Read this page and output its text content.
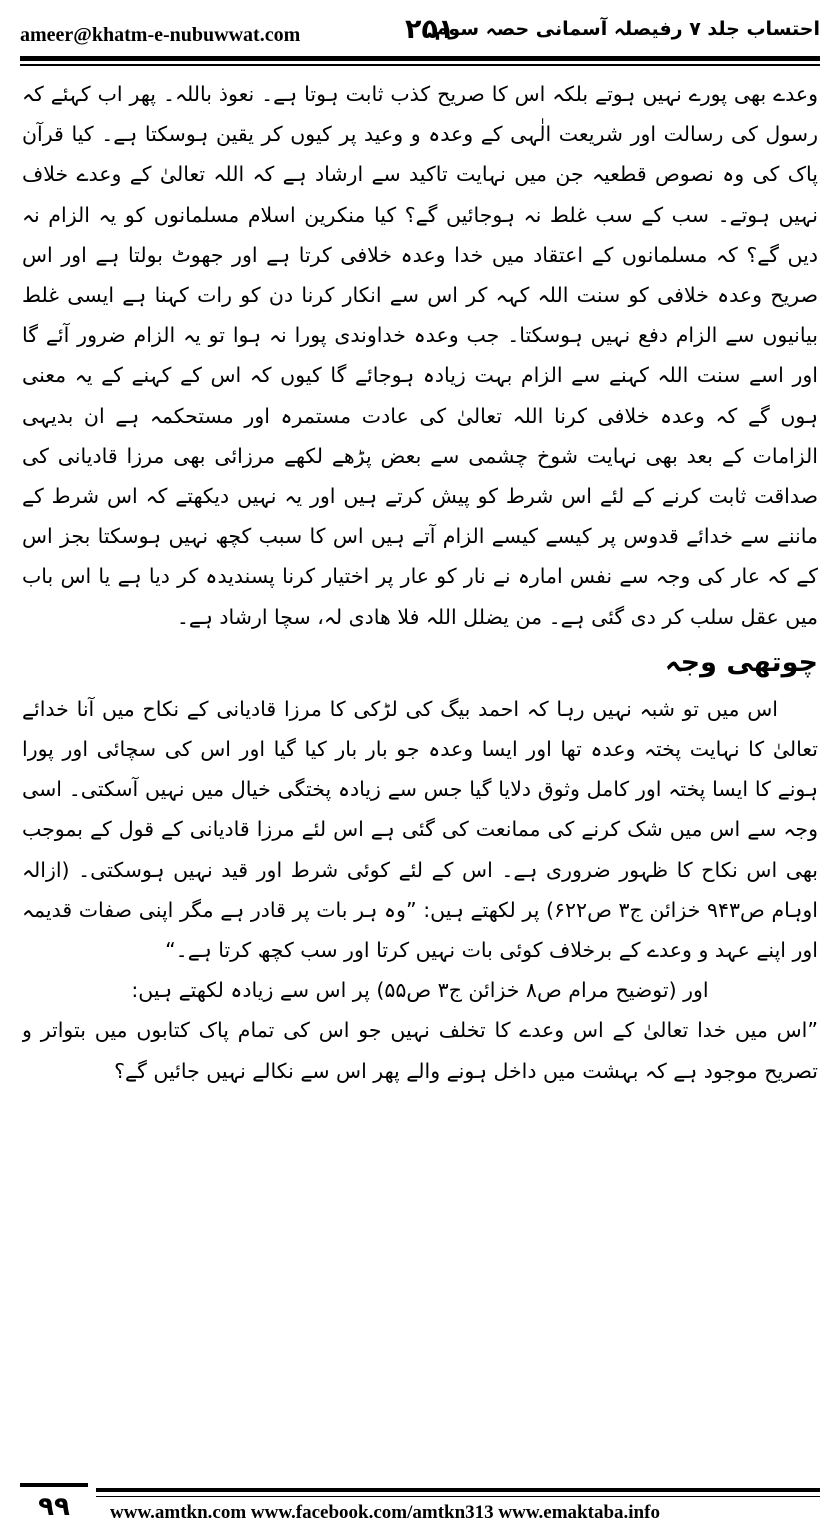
ameer@khatm-e-nubuwwat.com	۲۵۱
احتساب جلد ۷ رفیصلہ آسمانی حصہ سوم

وعدے بھی پورے نہیں ہوتے بلکہ اس کا صریح کذب ثابت ہوتا ہے۔ نعوذ باللہ۔ پھر اب کہئے کہ رسول کی رسالت اور شریعت الٰہی کے وعدہ و وعید پر کیوں کر یقین ہوسکتا ہے۔ کیا قرآن پاک کی وہ نصوص قطعیہ جن میں نہایت تاکید سے ارشاد ہے کہ اللہ تعالیٰ کے وعدے خلاف نہیں ہوتے۔ سب کے سب غلط نہ ہوجائیں گے؟ کیا منکرین اسلام مسلمانوں کو یہ الزام نہ دیں گے؟ کہ مسلمانوں کے اعتقاد میں خدا وعدہ خلافی کرتا ہے اور جھوٹ بولتا ہے اور اس صریح وعدہ خلافی کو سنت اللہ کہہ کر اس سے انکار کرنا دن کو رات کہنا ہے ایسی غلط بیانیوں سے الزام دفع نہیں ہوسکتا۔ جب وعدہ خداوندی پورا نہ ہوا تو یہ الزام ضرور آئے گا اور اسے سنت اللہ کہنے سے الزام بہت زیادہ ہوجائے گا کیوں کہ اس کے کہنے کے یہ معنی ہوں گے کہ وعدہ خلافی کرنا اللہ تعالیٰ کی عادت مستمرہ اور مستحکمہ ہے ان بدیہی الزامات کے بعد بھی نہایت شوخ چشمی سے بعض پڑھے لکھے مرزائی بھی مرزا قادیانی کی صداقت ثابت کرنے کے لئے اس شرط کو پیش کرتے ہیں اور یہ نہیں دیکھتے کہ اس شرط کے ماننے سے خدائے قدوس پر کیسے کیسے الزام آتے ہیں اس کا سبب کچھ نہیں ہوسکتا بجز اس کے کہ عار کی وجہ سے نفس امارہ نے نار کو عار پر اختیار کرنا پسندیدہ کر دیا ہے یا اس باب میں عقل سلب کر دی گئی ہے۔ من یضلل اللہ فلا ھادی لہ، سچا ارشاد ہے۔

چوتھی وجہ

اس میں تو شبہ نہیں رہا کہ احمد بیگ کی لڑکی کا مرزا قادیانی کے نکاح میں آنا خدائے تعالیٰ کا نہایت پختہ وعدہ تھا اور ایسا وعدہ جو بار بار کیا گیا اور اس کی سچائی اور پورا ہونے کا ایسا پختہ اور کامل وثوق دلایا گیا جس سے زیادہ پختگی خیال میں نہیں آسکتی۔ اسی وجہ سے اس میں شک کرنے کی ممانعت کی گئی ہے اس لئے مرزا قادیانی کے قول کے بموجب بھی اس نکاح کا ظہور ضروری ہے۔ اس کے لئے کوئی شرط اور قید نہیں ہوسکتی۔ (ازالہ اوہام ص۹۴۳ خزائن ج۳ ص۶۲۲) پر لکھتے ہیں: ”وہ ہر بات پر قادر ہے مگر اپنی صفات قدیمہ اور اپنے عہد و وعدے کے برخلاف کوئی بات نہیں کرتا اور سب کچھ کرتا ہے۔“

اور (توضیح مرام ص۸ خزائن ج۳ ص۵۵) پر اس سے زیادہ لکھتے ہیں:

”اس میں خدا تعالیٰ کے اس وعدے کا تخلف نہیں جو اس کی تمام پاک کتابوں میں بتواتر و تصریح موجود ہے کہ بہشت میں داخل ہونے والے پھر اس سے نکالے نہیں جائیں گے؟

۹۹	www.amtkn.com www.facebook.com/amtkn313 www.emaktaba.info
